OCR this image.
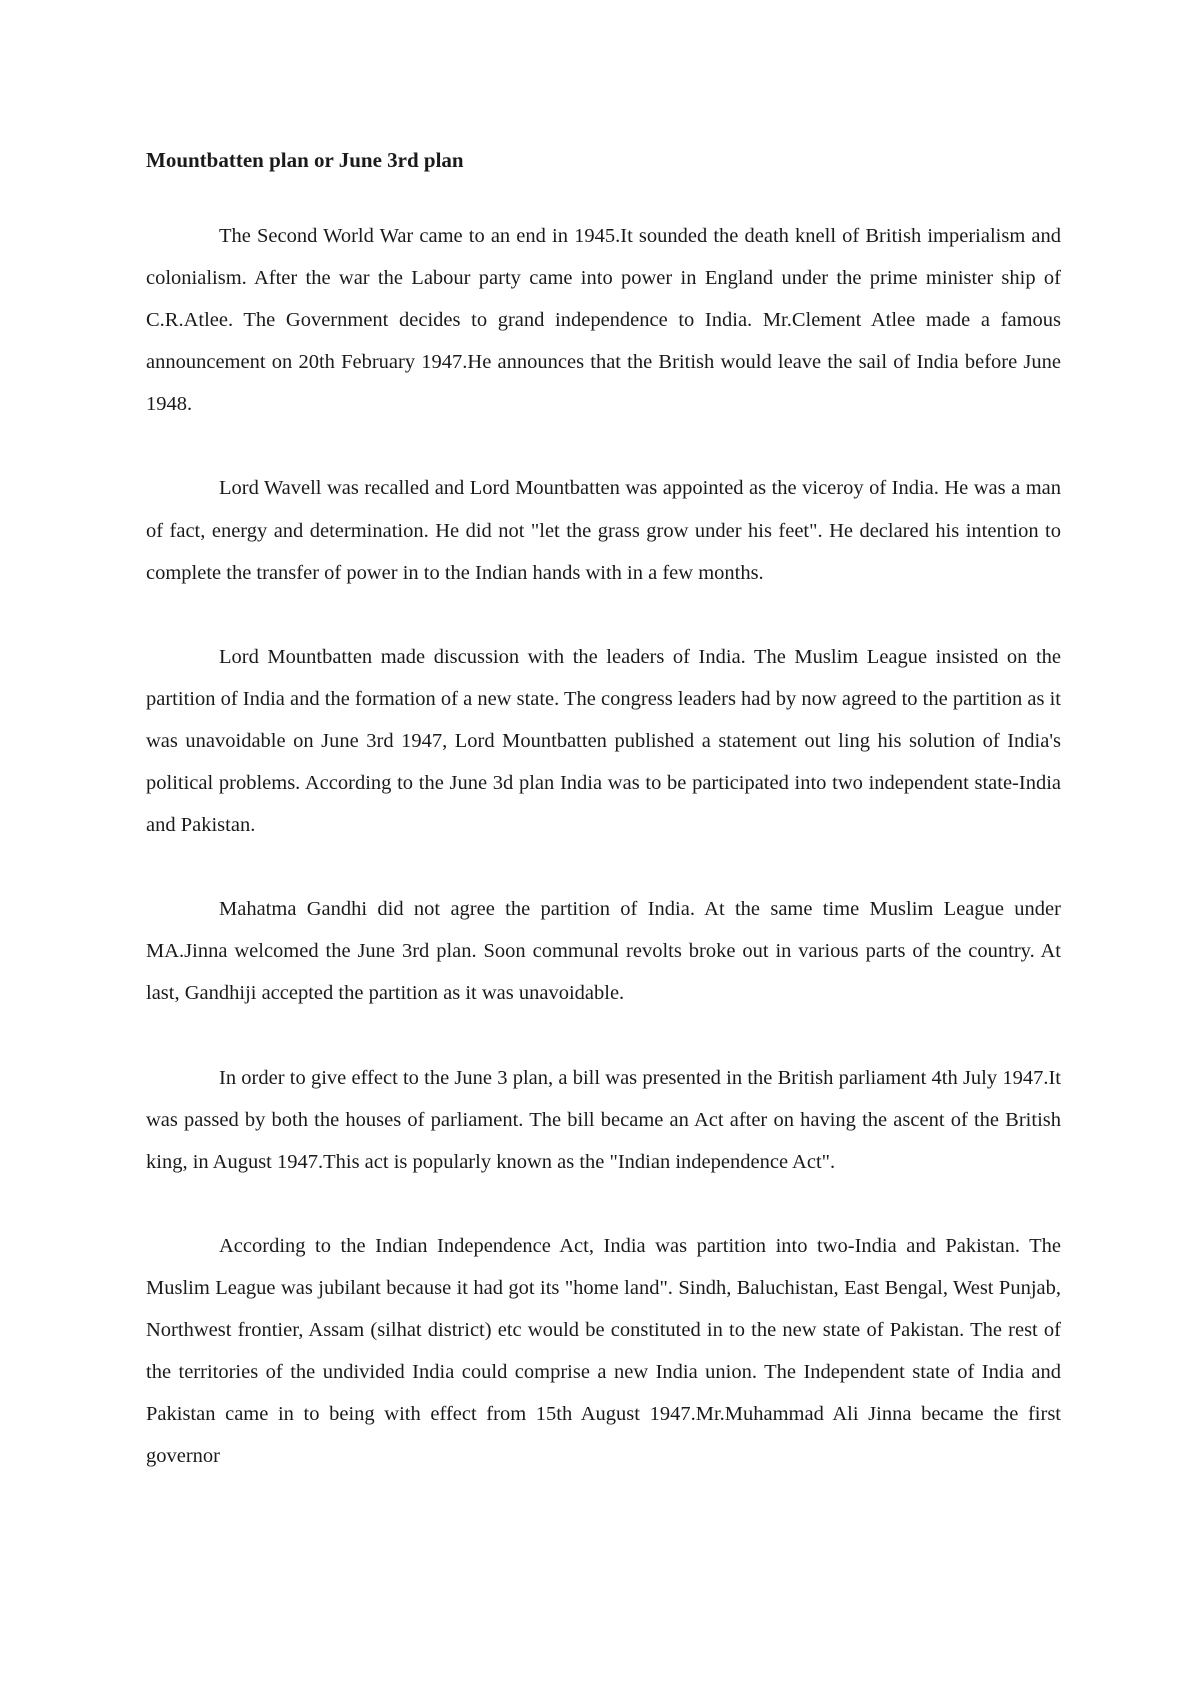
Mountbatten plan or June 3rd plan

The Second World War came to an end in 1945.It sounded the death knell of British imperialism and colonialism. After the war the Labour party came into power in England under the prime minister ship of C.R.Atlee. The Government decides to grand independence to India. Mr.Clement Atlee made a famous announcement on 20th February 1947.He announces that the British would leave the sail of India before June 1948.

Lord Wavell was recalled and Lord Mountbatten was appointed as the viceroy of India. He was a man of fact, energy and determination. He did not "let the grass grow under his feet". He declared his intention to complete the transfer of power in to the Indian hands with in a few months.

Lord Mountbatten made discussion with the leaders of India. The Muslim League insisted on the partition of India and the formation of a new state. The congress leaders had by now agreed to the partition as it was unavoidable on June 3rd 1947, Lord Mountbatten published a statement out ling his solution of India's political problems. According to the June 3d plan India was to be participated into two independent state-India and Pakistan.

Mahatma Gandhi did not agree the partition of India. At the same time Muslim League under MA.Jinna welcomed the June 3rd plan. Soon communal revolts broke out in various parts of the country. At last, Gandhiji accepted the partition as it was unavoidable.

In order to give effect to the June 3 plan, a bill was presented in the British parliament 4th July 1947.It was passed by both the houses of parliament. The bill became an Act after on having the ascent of the British king, in August 1947.This act is popularly known as the "Indian independence Act".

According to the Indian Independence Act, India was partition into two-India and Pakistan. The Muslim League was jubilant because it had got its "home land". Sindh, Baluchistan, East Bengal, West Punjab, Northwest frontier, Assam (silhat district) etc would be constituted in to the new state of Pakistan. The rest of the territories of the undivided India could comprise a new India union. The Independent state of India and Pakistan came in to being with effect from 15th August 1947.Mr.Muhammad Ali Jinna became the first governor
